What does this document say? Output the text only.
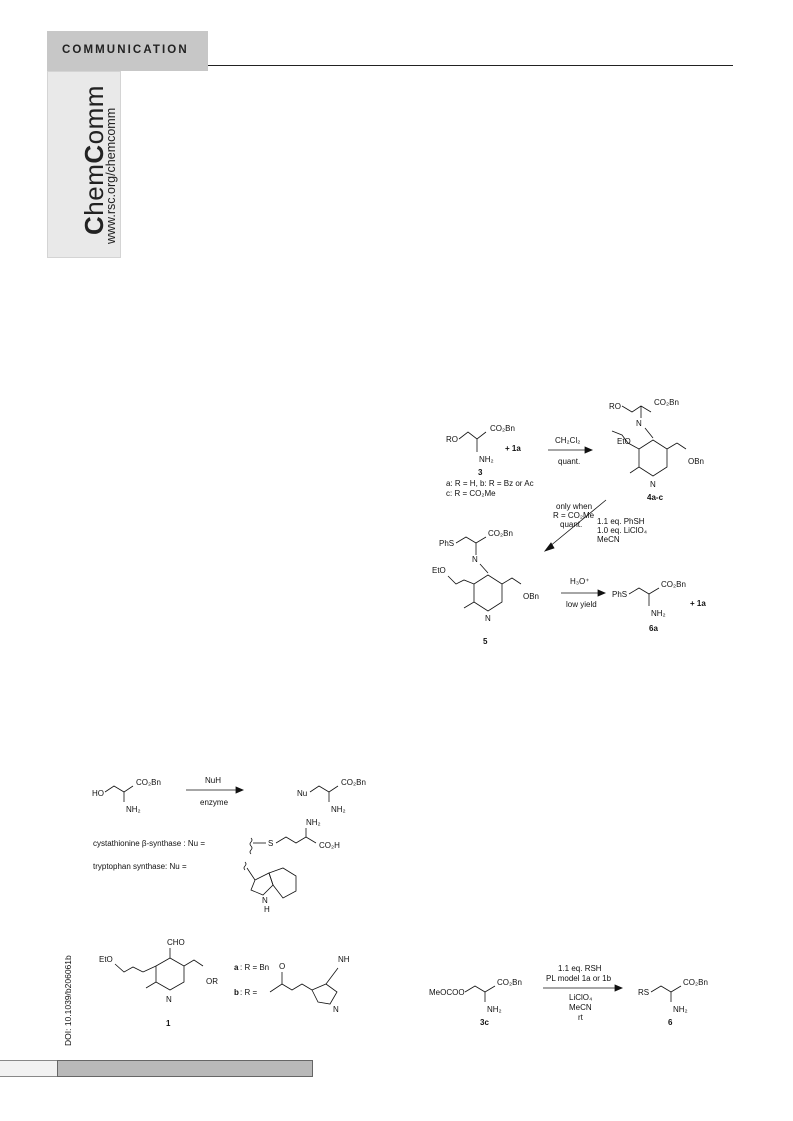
COMMUNICATION
ChemComm
www.rsc.org/chemcomm
DOI: 10.1039/b206061b
RO
CO₂Bn
NH₂
+ 1a
3
a: R = H, b: R = Bz or Ac
c: R = CO₂Me
CH₂Cl₂
quant.
RO	CO₂Bn
N
N
EtO
OBn
4a-c
only when
R = CO₂Me
quant. 1.1 eq. PhSH
1.0 eq. LiClO₄
MeCN
PhS
CO₂Bn
N
N
EtO
OBn
5
H₃O⁺
low yield
PhS
CO₂Bn
NH₂
+ 1a
6a
HO
CO₂Bn
NH₂
NuH
enzyme
Nu
CO₂Bn
NH₂
cystathionine β-synthase : Nu =	S
NH₂
CO₂H
tryptophan synthase: Nu =
N
H
EtO
CHO
OR
N
1
a : R = Bn
b : R =
O
NH
N
MeOCOO
CO₂Bn
NH₂
3c
1.1 eq. RSH
PL model 1a or 1b
LiClO₄
MeCN
rt
RS
CO₂Bn
NH₂
6
